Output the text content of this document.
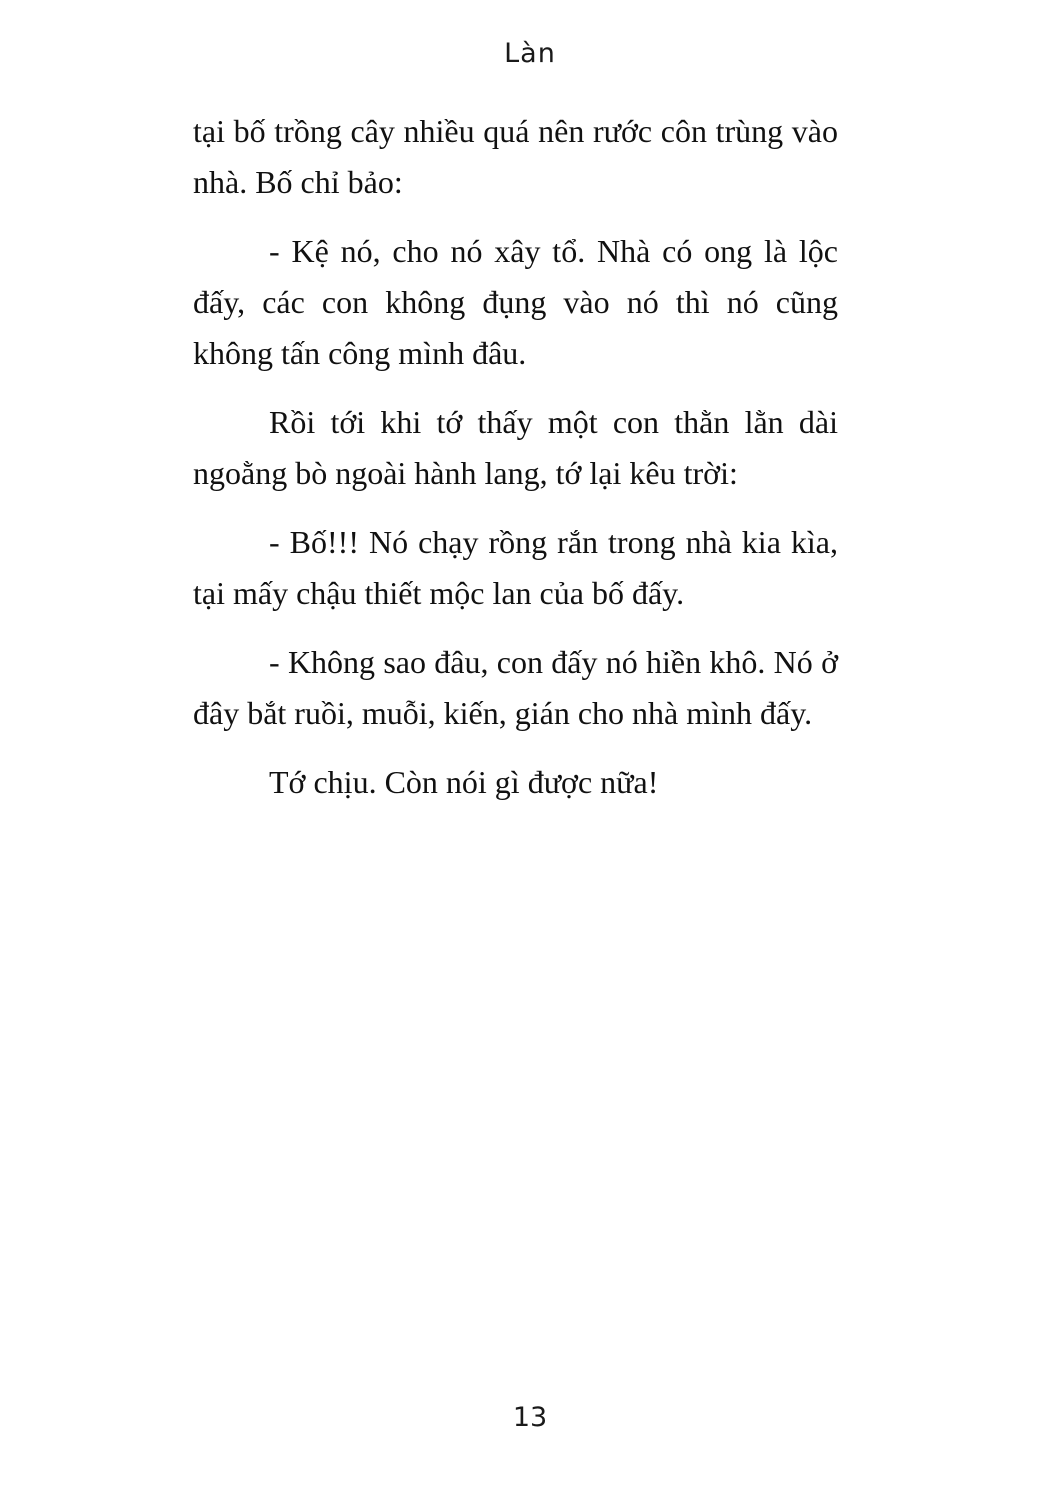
Làn

tại bố trồng cây nhiều quá nên rước côn trùng vào nhà. Bố chỉ bảo:

- Kệ nó, cho nó xây tổ. Nhà có ong là lộc đấy, các con không đụng vào nó thì nó cũng không tấn công mình đâu.

Rồi tới khi tớ thấy một con thằn lằn dài ngoằng bò ngoài hành lang, tớ lại kêu trời:

- Bố!!! Nó chạy rồng rắn trong nhà kia kìa, tại mấy chậu thiết mộc lan của bố đấy.

- Không sao đâu, con đấy nó hiền khô. Nó ở đây bắt ruồi, muỗi, kiến, gián cho nhà mình đấy.

Tớ chịu. Còn nói gì được nữa!

13
